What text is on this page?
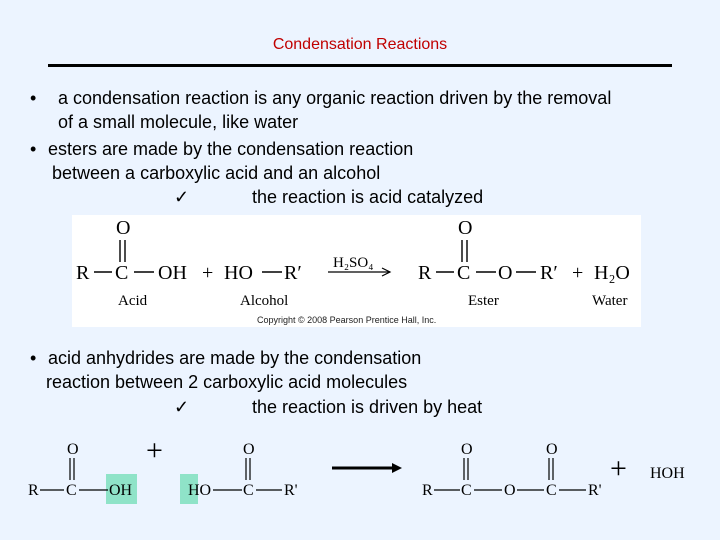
Condensation Reactions
• a condensation reaction is any organic reaction driven by the removal
of a small molecule, like water
• esters are made by the condensation reaction
between a carboxylic acid and an alcohol
✓	the reaction is acid catalyzed
O
R C OH + HO R′ H₂SO₄
O
R C O R′ + H₂O
Acid	Alcohol	Ester	Water
Copyright © 2008 Pearson Prentice Hall, Inc.
• acid anhydrides are made by the condensation
reaction between 2 carboxylic acid molecules
✓	the reaction is driven by heat
O
R C OH
+
HO
O
C R'	R
O
C O
O
C R'
+ HOH
